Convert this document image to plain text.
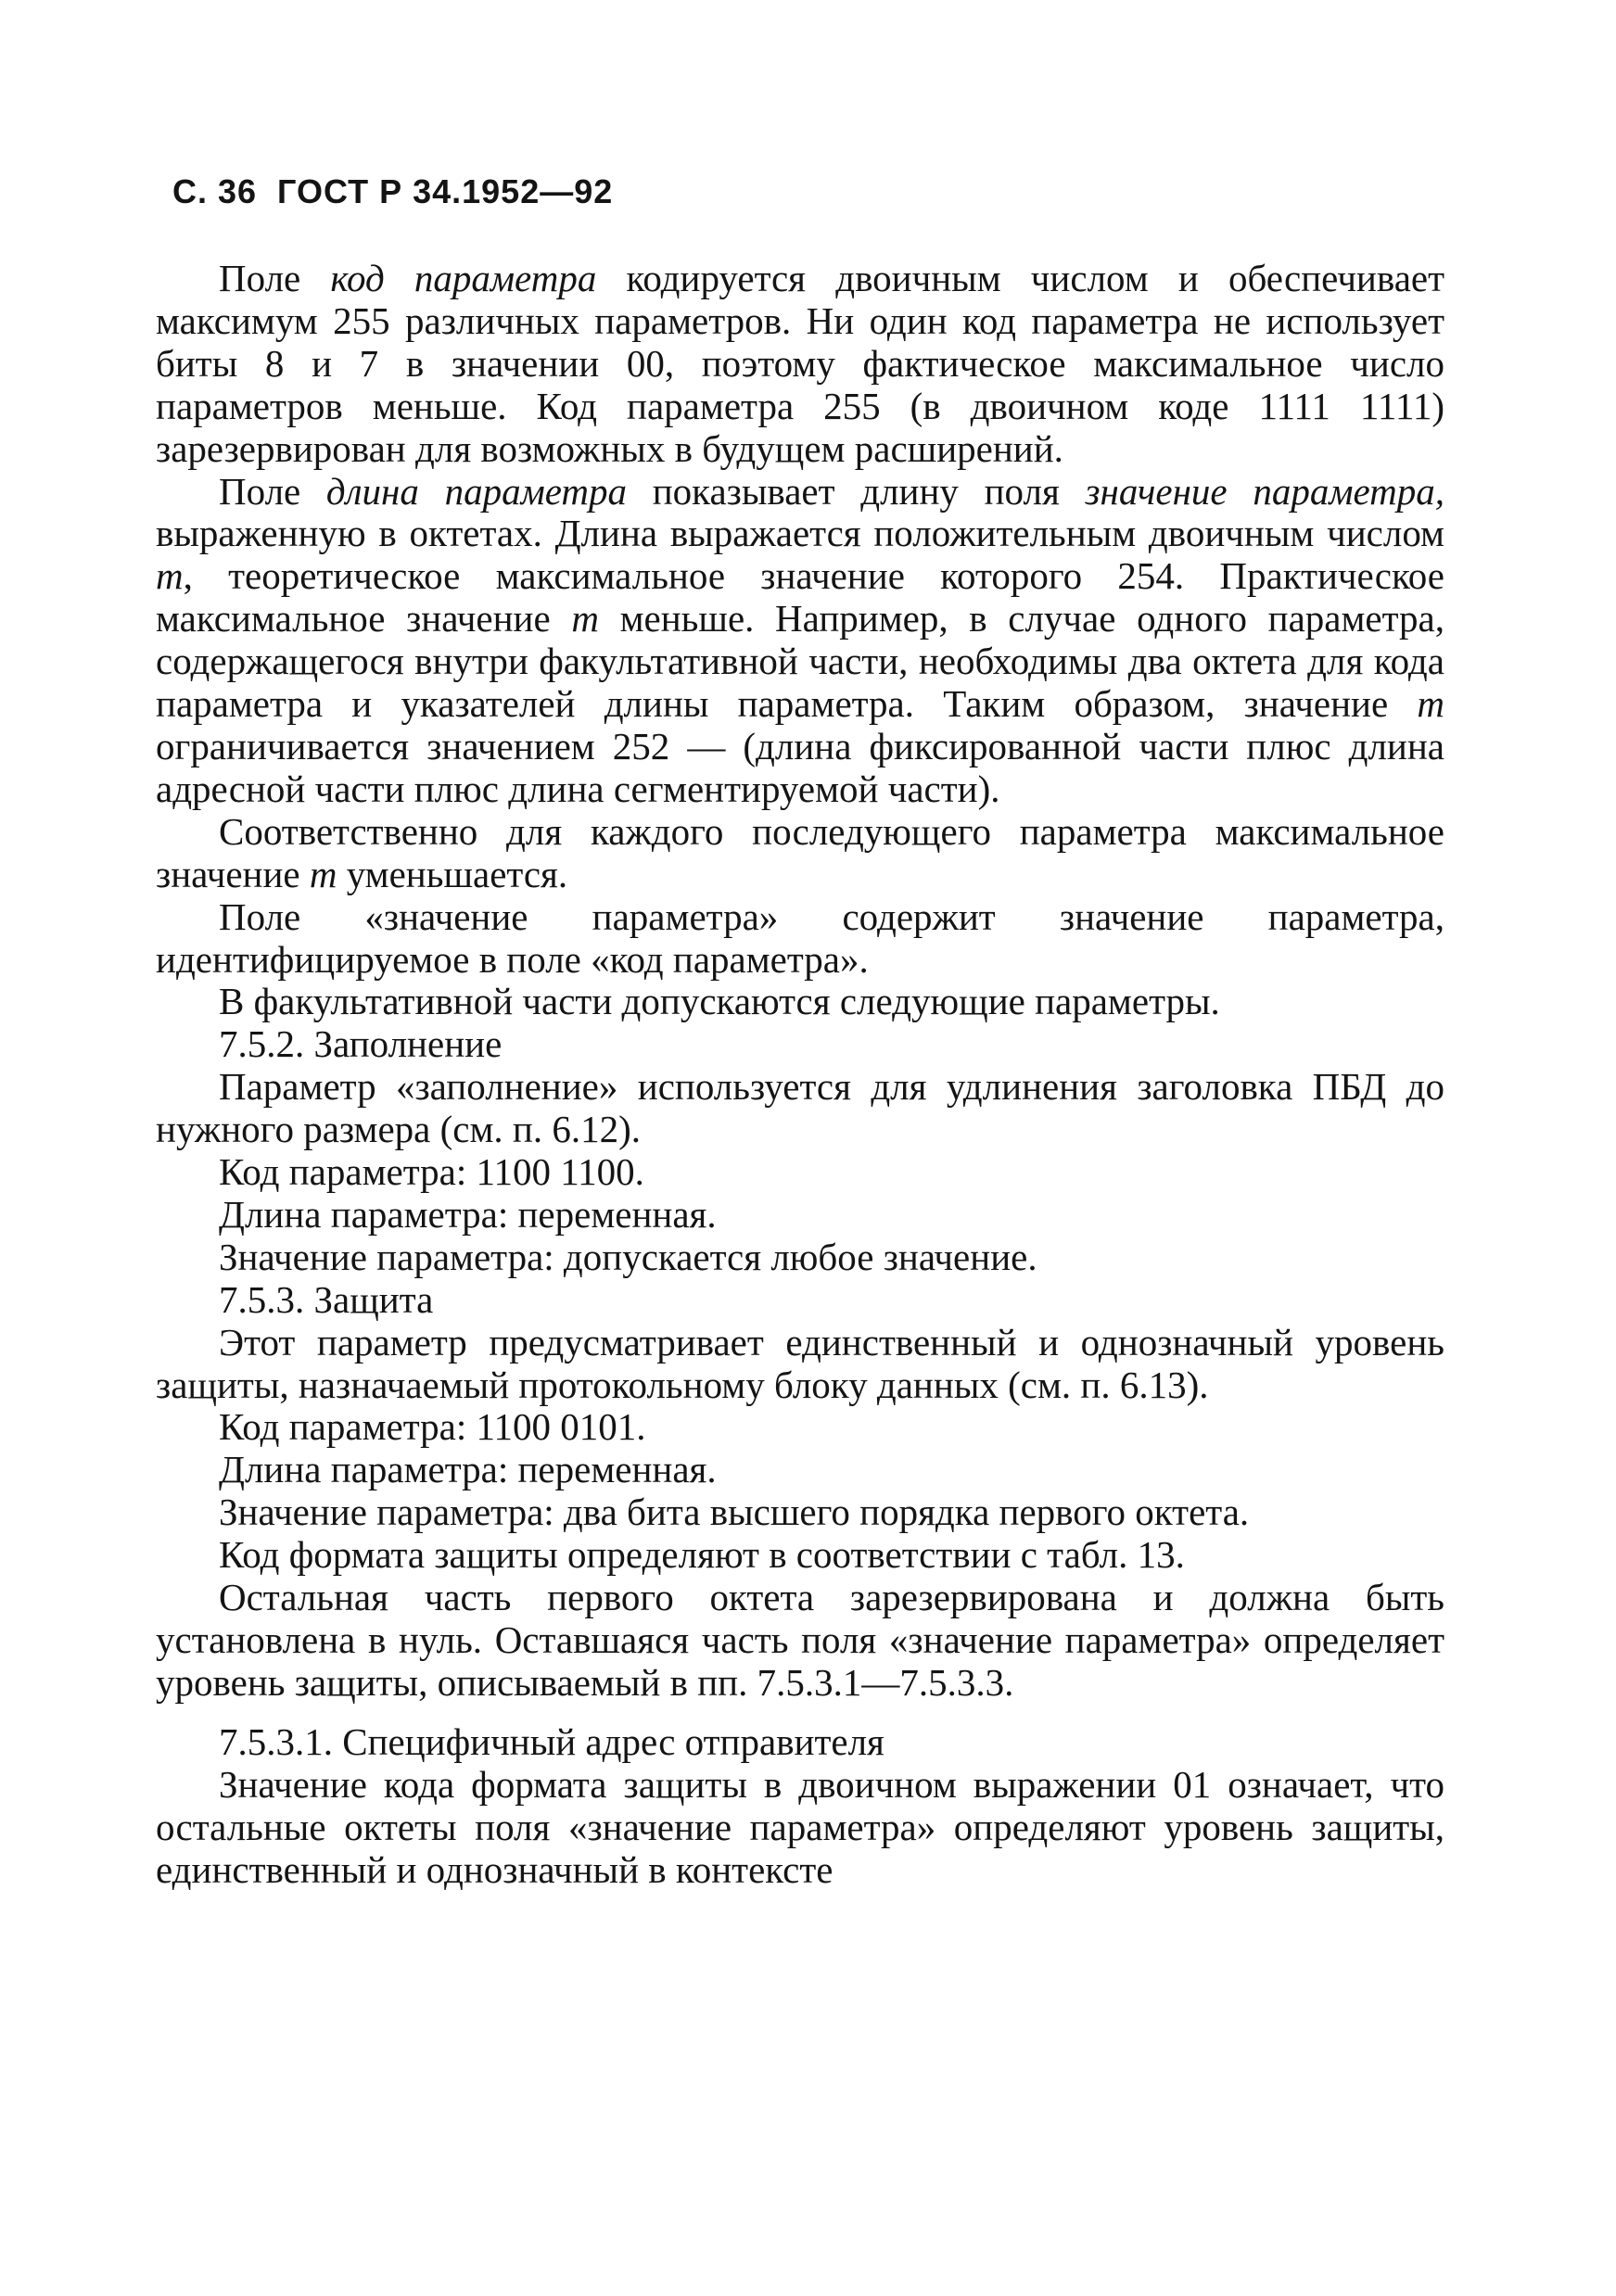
С. 36  ГОСТ Р 34.1952—92

Поле код параметра кодируется двоичным числом и обеспечивает максимум 255 различных параметров. Ни один код параметра не использует биты 8 и 7 в значении 00, поэтому фактическое максимальное число параметров меньше. Код параметра 255 (в двоичном коде 1111 1111) зарезервирован для возможных в будущем расширений.

Поле длина параметра показывает длину поля значение параметра, выраженную в октетах. Длина выражается положительным двоичным числом m, теоретическое максимальное значение которого 254. Практическое максимальное значение m меньше. Например, в случае одного параметра, содержащегося внутри факультативной части, необходимы два октета для кода параметра и указателей длины параметра. Таким образом, значение m ограничивается значением 252 — (длина фиксированной части плюс длина адресной части плюс длина сегментируемой части).

Соответственно для каждого последующего параметра максимальное значение m уменьшается.

Поле «значение параметра» содержит значение параметра, идентифицируемое в поле «код параметра».

В факультативной части допускаются следующие параметры.

7.5.2. Заполнение

Параметр «заполнение» используется для удлинения заголовка ПБД до нужного размера (см. п. 6.12).

Код параметра: 1100 1100.

Длина параметра: переменная.

Значение параметра: допускается любое значение.

7.5.3. Защита

Этот параметр предусматривает единственный и однозначный уровень защиты, назначаемый протокольному блоку данных (см. п. 6.13).

Код параметра: 1100 0101.

Длина параметра: переменная.

Значение параметра: два бита высшего порядка первого октета.

Код формата защиты определяют в соответствии с табл. 13.

Остальная часть первого октета зарезервирована и должна быть установлена в нуль. Оставшаяся часть поля «значение параметра» определяет уровень защиты, описываемый в пп. 7.5.3.1—7.5.3.3.

7.5.3.1. Специфичный адрес отправителя

Значение кода формата защиты в двоичном выражении 01 означает, что остальные октеты поля «значение параметра» определяют уровень защиты, единственный и однозначный в контексте
